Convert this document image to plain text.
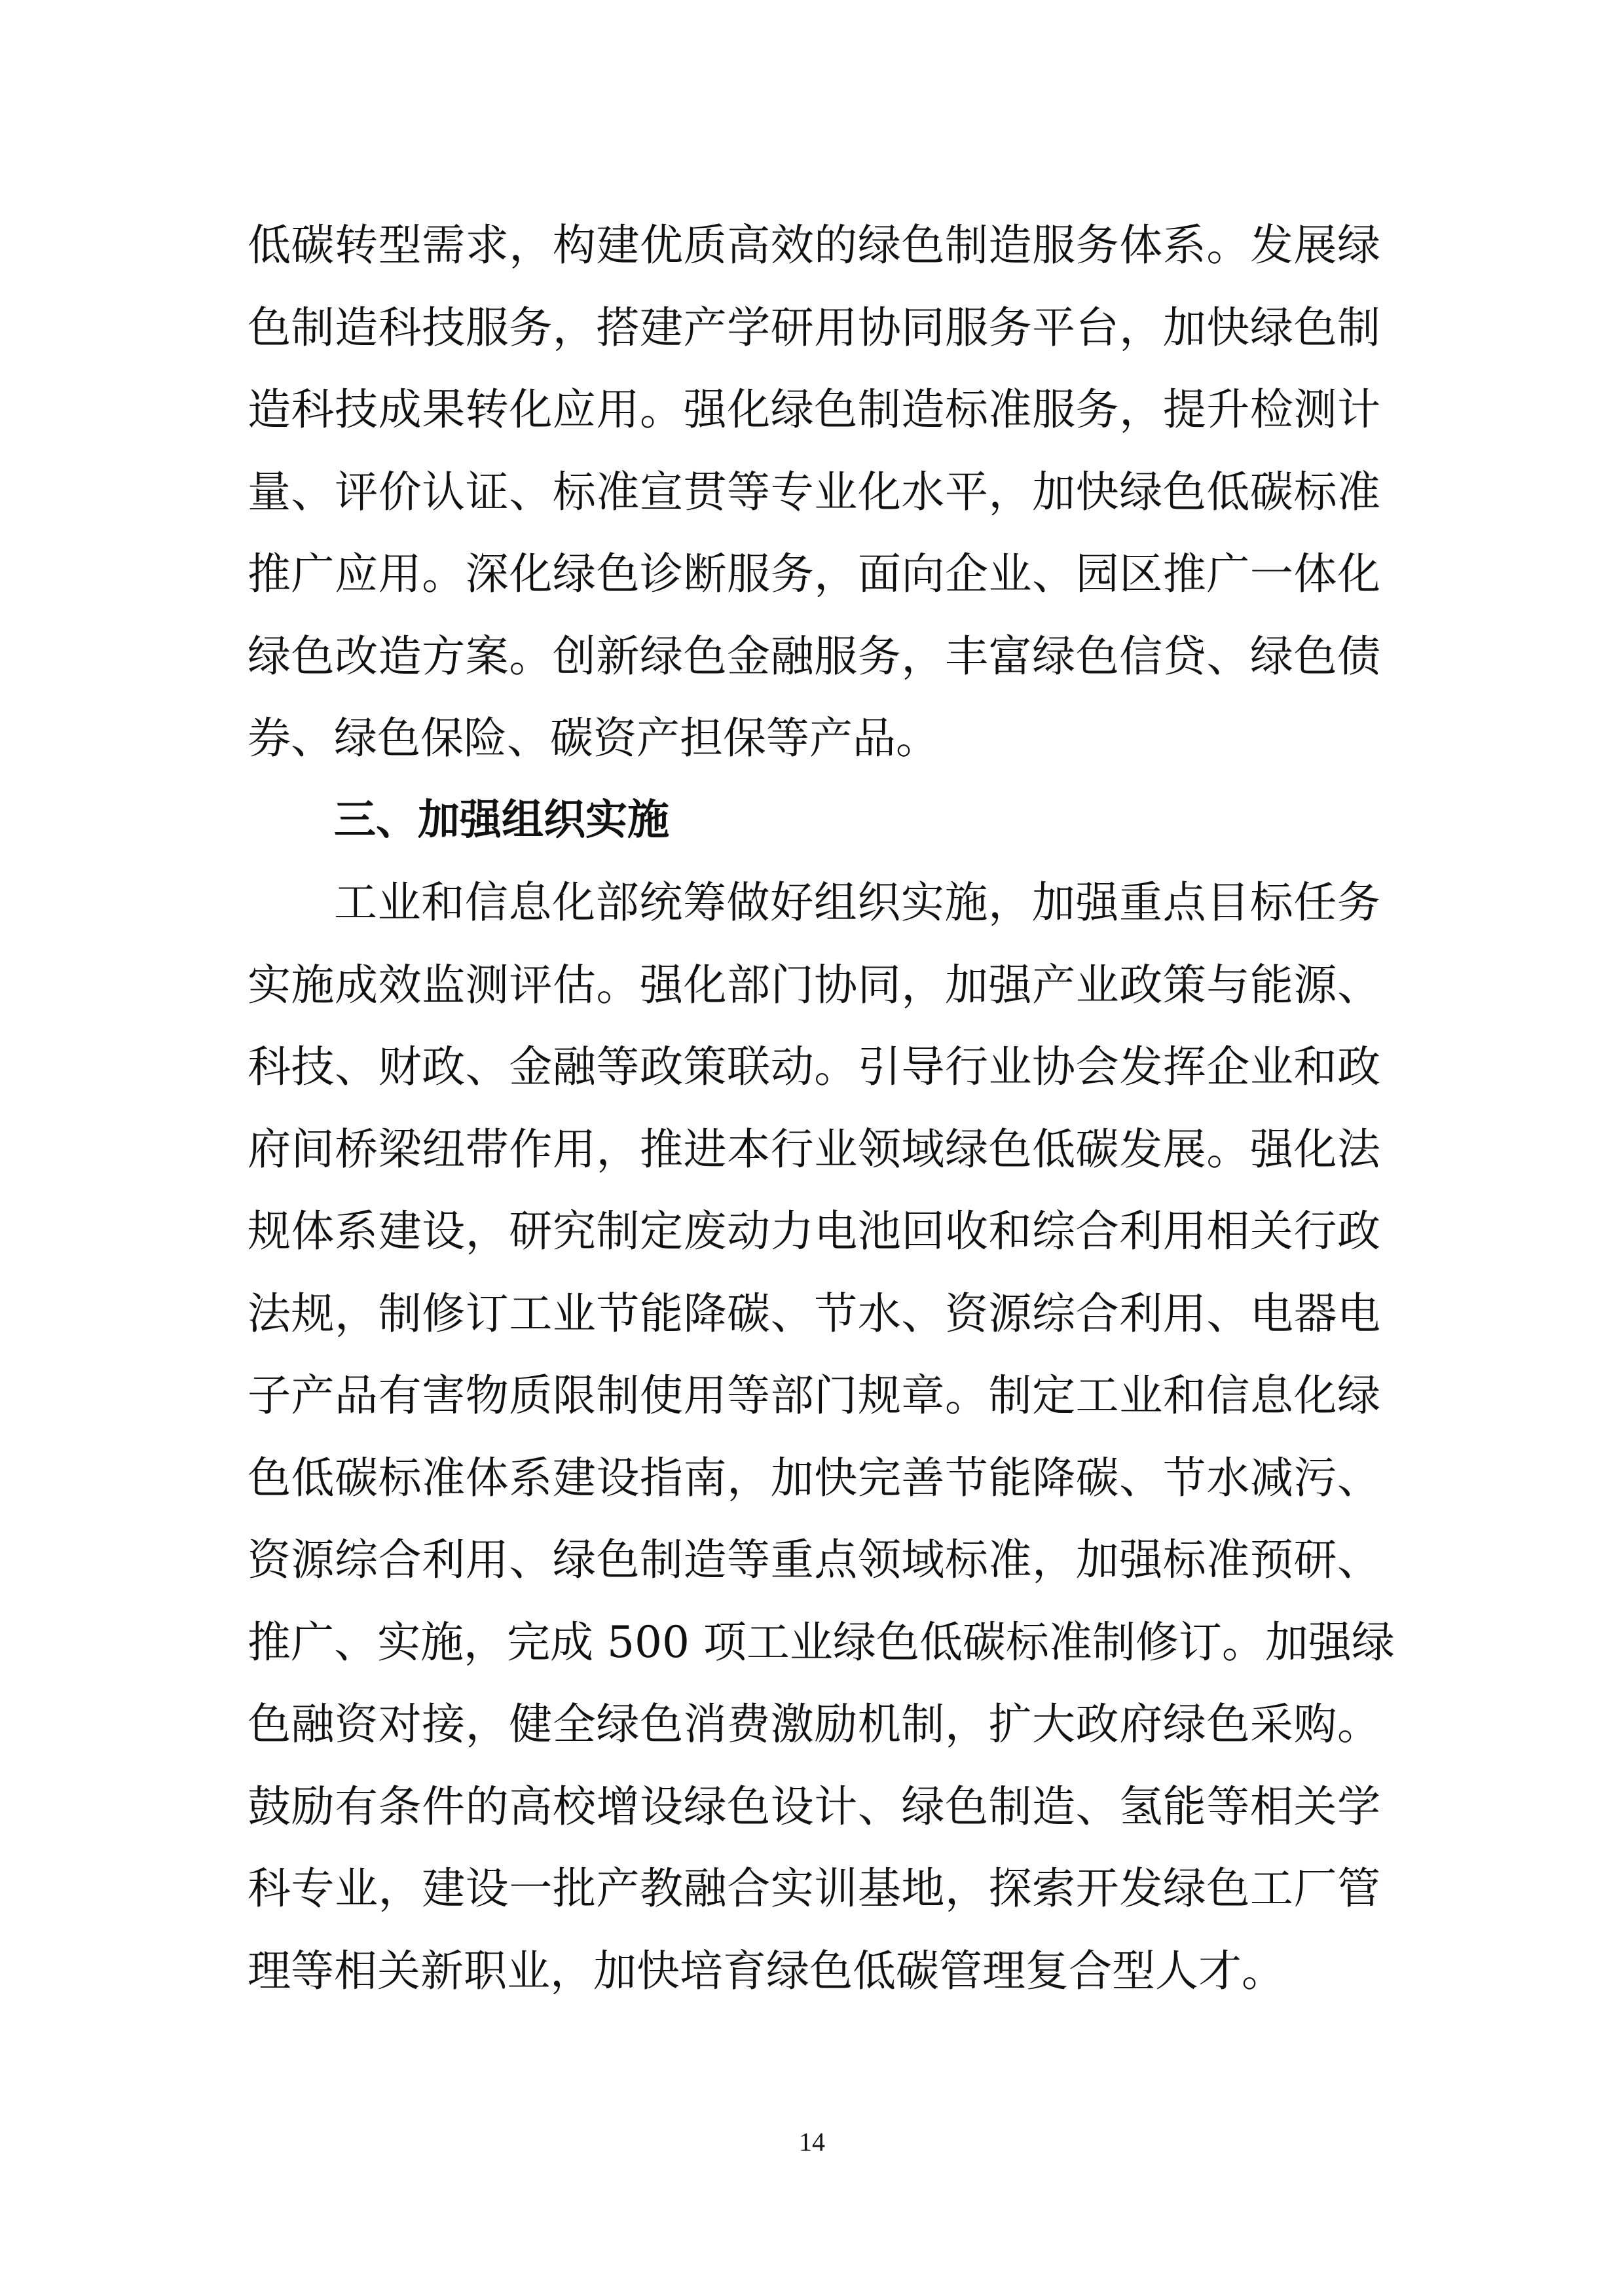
低碳转型需求，构建优质高效的绿色制造服务体系。发展绿
色制造科技服务，搭建产学研用协同服务平台，加快绿色制
造科技成果转化应用。强化绿色制造标准服务，提升检测计
量、评价认证、标准宣贯等专业化水平，加快绿色低碳标准
推广应用。深化绿色诊断服务，面向企业、园区推广一体化
绿色改造方案。创新绿色金融服务，丰富绿色信贷、绿色债
券、绿色保险、碳资产担保等产品。
三、加强组织实施
工业和信息化部统筹做好组织实施，加强重点目标任务
实施成效监测评估。强化部门协同，加强产业政策与能源、
科技、财政、金融等政策联动。引导行业协会发挥企业和政
府间桥梁纽带作用，推进本行业领域绿色低碳发展。强化法
规体系建设，研究制定废动力电池回收和综合利用相关行政
法规，制修订工业节能降碳、节水、资源综合利用、电器电
子产品有害物质限制使用等部门规章。制定工业和信息化绿
色低碳标准体系建设指南，加快完善节能降碳、节水减污、
资源综合利用、绿色制造等重点领域标准，加强标准预研、
推广、实施，完成 500 项工业绿色低碳标准制修订。加强绿
色融资对接，健全绿色消费激励机制，扩大政府绿色采购。
鼓励有条件的高校增设绿色设计、绿色制造、氢能等相关学
科专业，建设一批产教融合实训基地，探索开发绿色工厂管
理等相关新职业，加快培育绿色低碳管理复合型人才。
14
